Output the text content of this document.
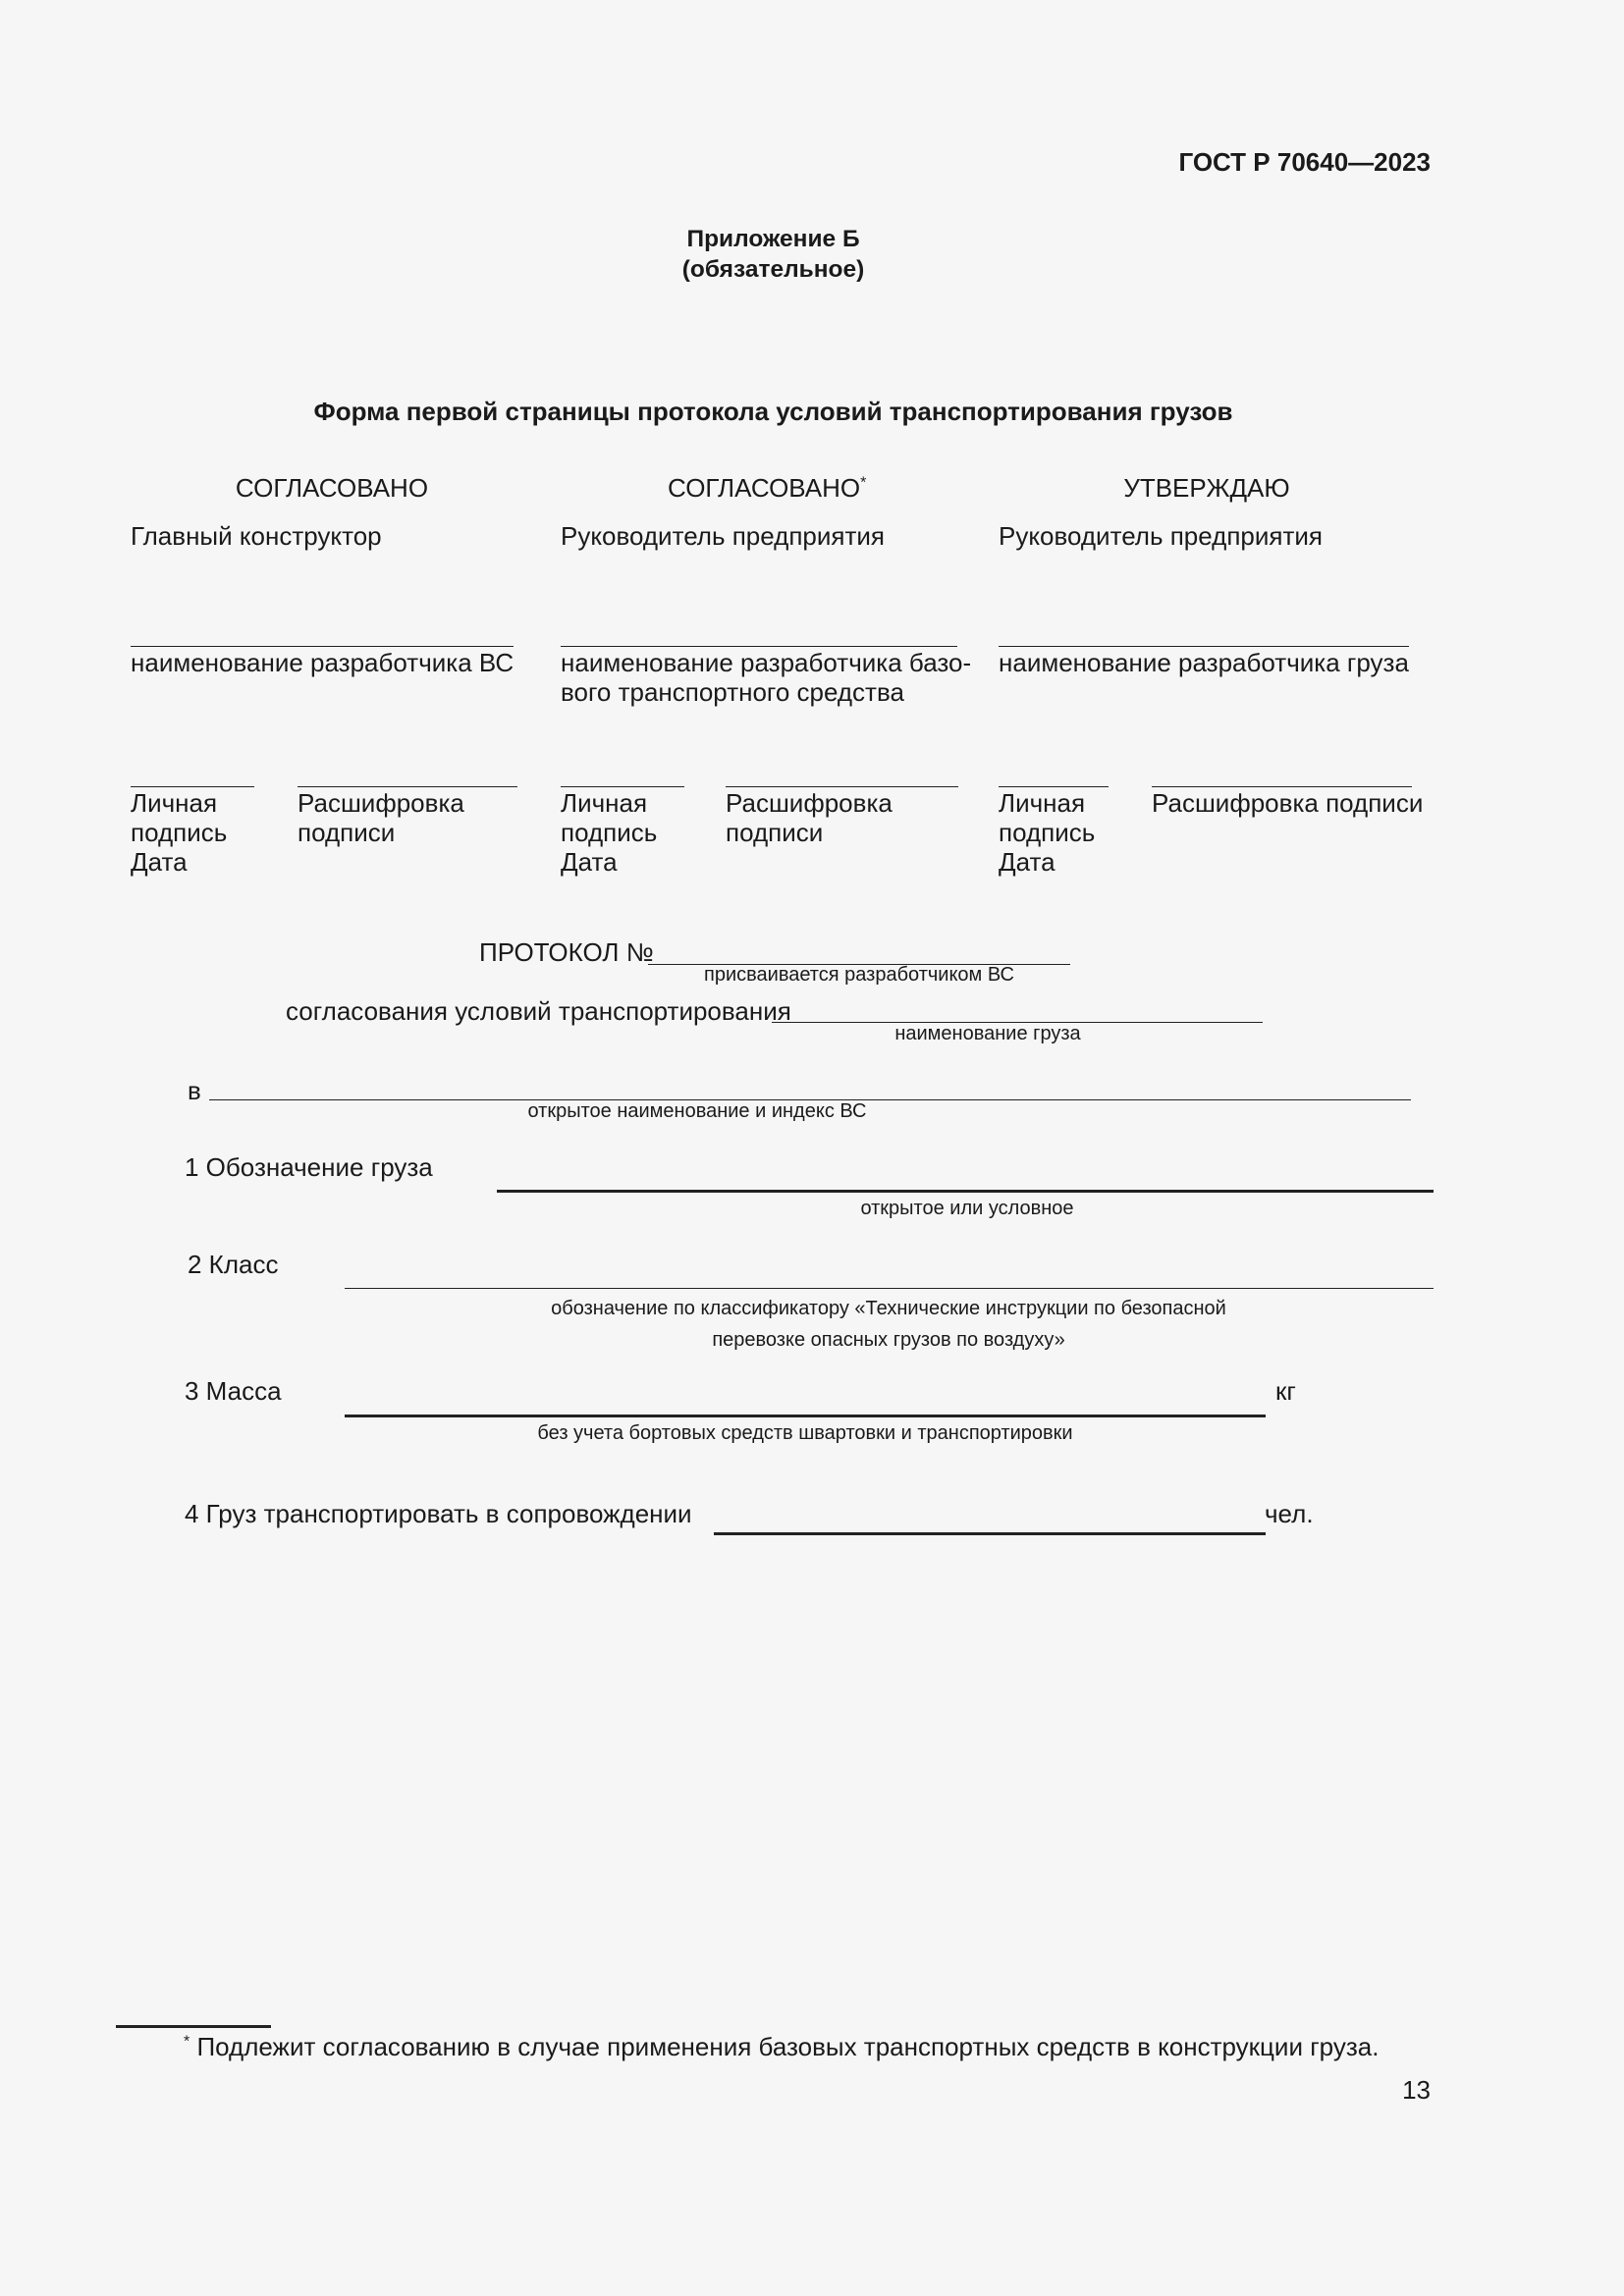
ГОСТ Р 70640—2023
Приложение Б
(обязательное)
Форма первой страницы протокола условий транспортирования грузов
СОГЛАСОВАНО
Главный конструктор
наименование разработчика ВС
Личная
подпись
Дата
Расшифровка
подписи
СОГЛАСОВАНО*
Руководитель предприятия
наименование разработчика базо-
вого транспортного средства
Личная
подпись
Дата
Расшифровка
подписи
УТВЕРЖДАЮ
Руководитель предприятия
наименование разработчика груза
Личная
подпись
Дата
Расшифровка подписи
ПРОТОКОЛ №
присваивается разработчиком ВС
согласования условий транспортирования
наименование груза
в
открытое наименование и индекс ВС
1 Обозначение груза
открытое или условное
2 Класс
обозначение по классификатору «Технические инструкции по безопасной
перевозке опасных грузов по воздуху»
3 Масса	кг
без учета бортовых средств швартовки и транспортировки
4 Груз транспортировать в сопровождении	чел.
* Подлежит согласованию в случае применения базовых транспортных средств в конструкции груза.
13
